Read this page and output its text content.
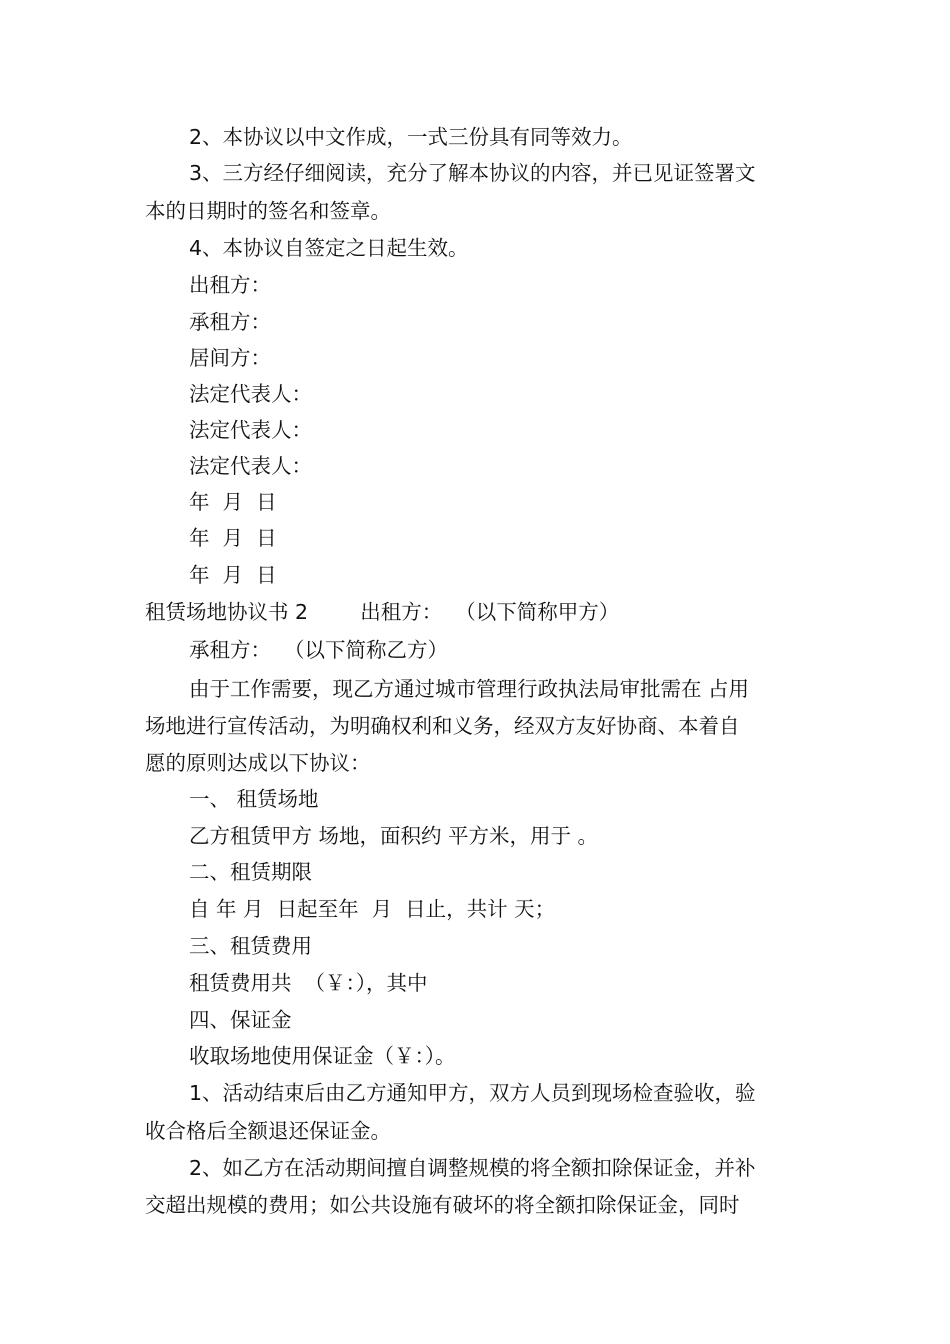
2、本协议以中文作成，一式三份具有同等效力。
3、三方经仔细阅读，充分了解本协议的内容，并已见证签署文
本的日期时的签名和签章。
4、本协议自签定之日起生效。
出租方：
承租方：
居间方：
法定代表人：
法定代表人：
法定代表人：
年  月  日
年  月  日
年  月  日
租赁场地协议书 2        出租方：  （以下简称甲方）
承租方：  （以下简称乙方）
由于工作需要，现乙方通过城市管理行政执法局审批需在 占用
场地进行宣传活动，为明确权利和义务，经双方友好协商、本着自
愿的原则达成以下协议：
一、 租赁场地
乙方租赁甲方 场地，面积约 平方米，用于 。
二、租赁期限
自 年 月  日起至年  月  日止，共计 天；
三、租赁费用
租赁费用共  （￥：），其中
四、保证金
收取场地使用保证金（￥：）。
1、活动结束后由乙方通知甲方，双方人员到现场检查验收，验
收合格后全额退还保证金。
2、如乙方在活动期间擅自调整规模的将全额扣除保证金，并补
交超出规模的费用；如公共设施有破坏的将全额扣除保证金，同时
